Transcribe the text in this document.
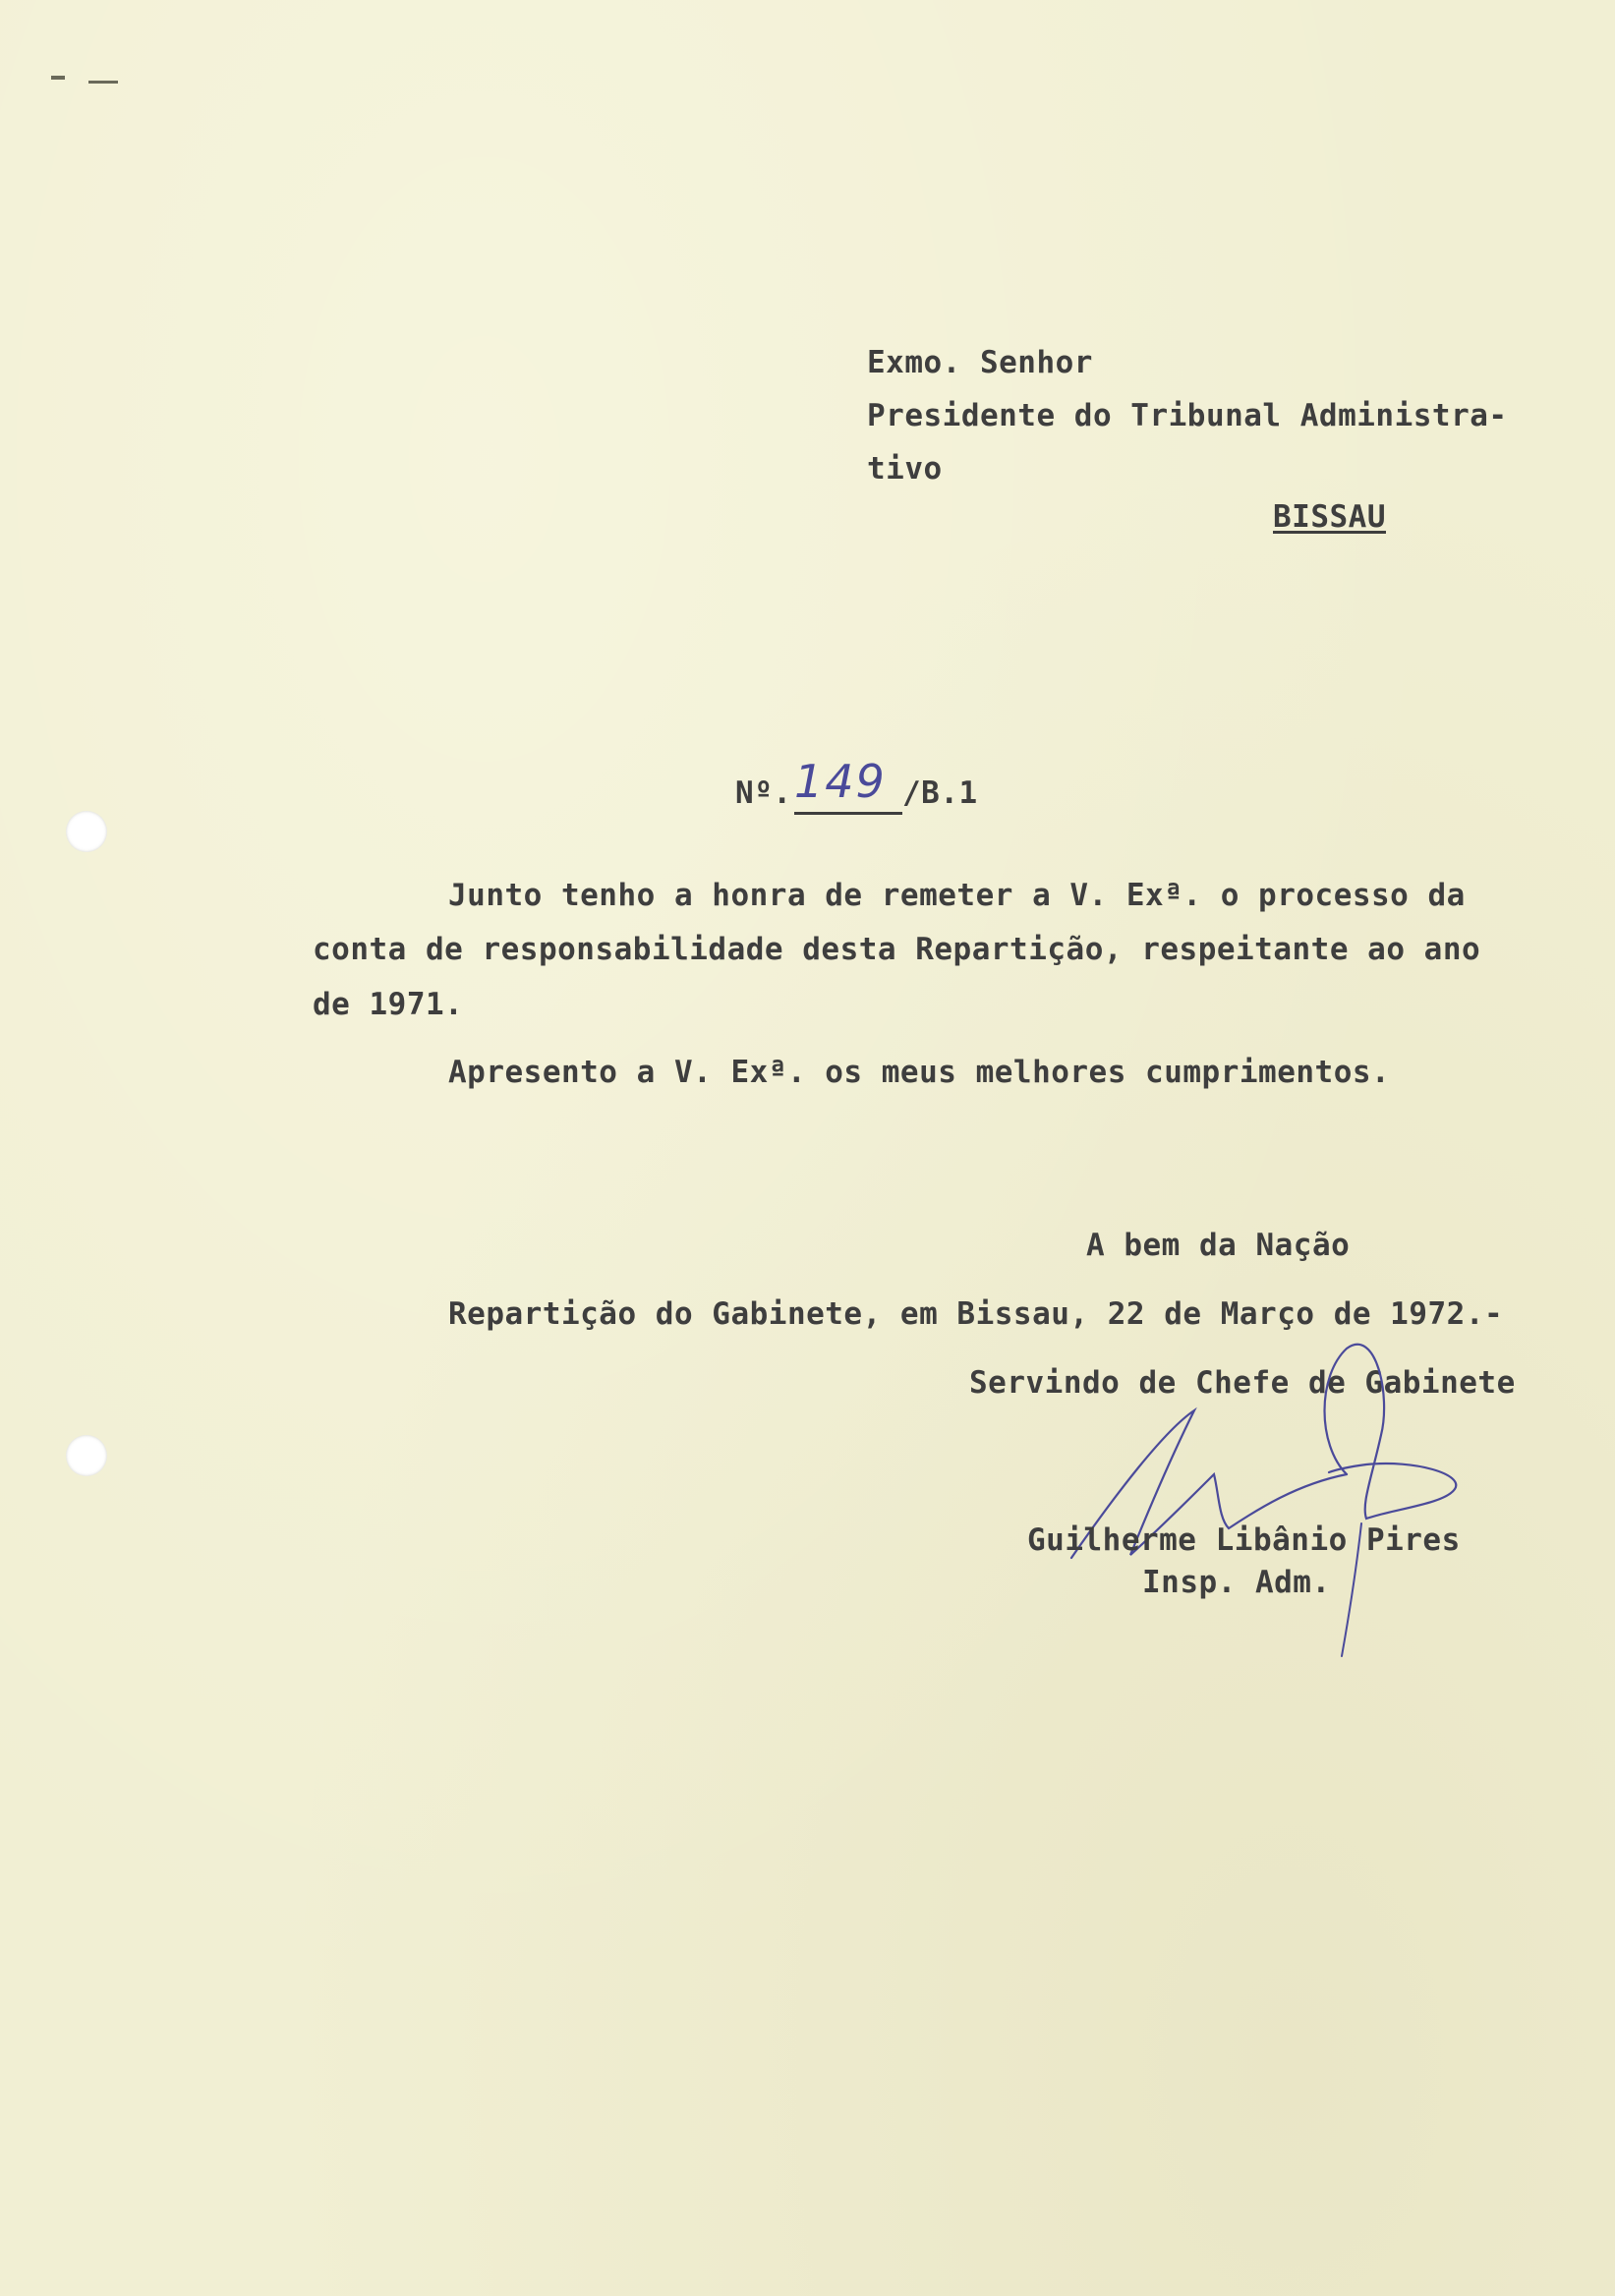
Exmo. Senhor
Presidente do Tribunal Administra-
tivo
BISSAU
Nº. 149 /B.1
Junto tenho a honra de remeter a V. Exª. o processo da
conta de responsabilidade desta Repartição, respeitante ao ano
de 1971.
Apresento a V. Exª. os meus melhores cumprimentos.
A bem da Nação
Repartição do Gabinete, em Bissau, 22 de Março de 1972.-
Servindo de Chefe de Gabinete
Guilherme Libânio Pires
Insp. Adm.
